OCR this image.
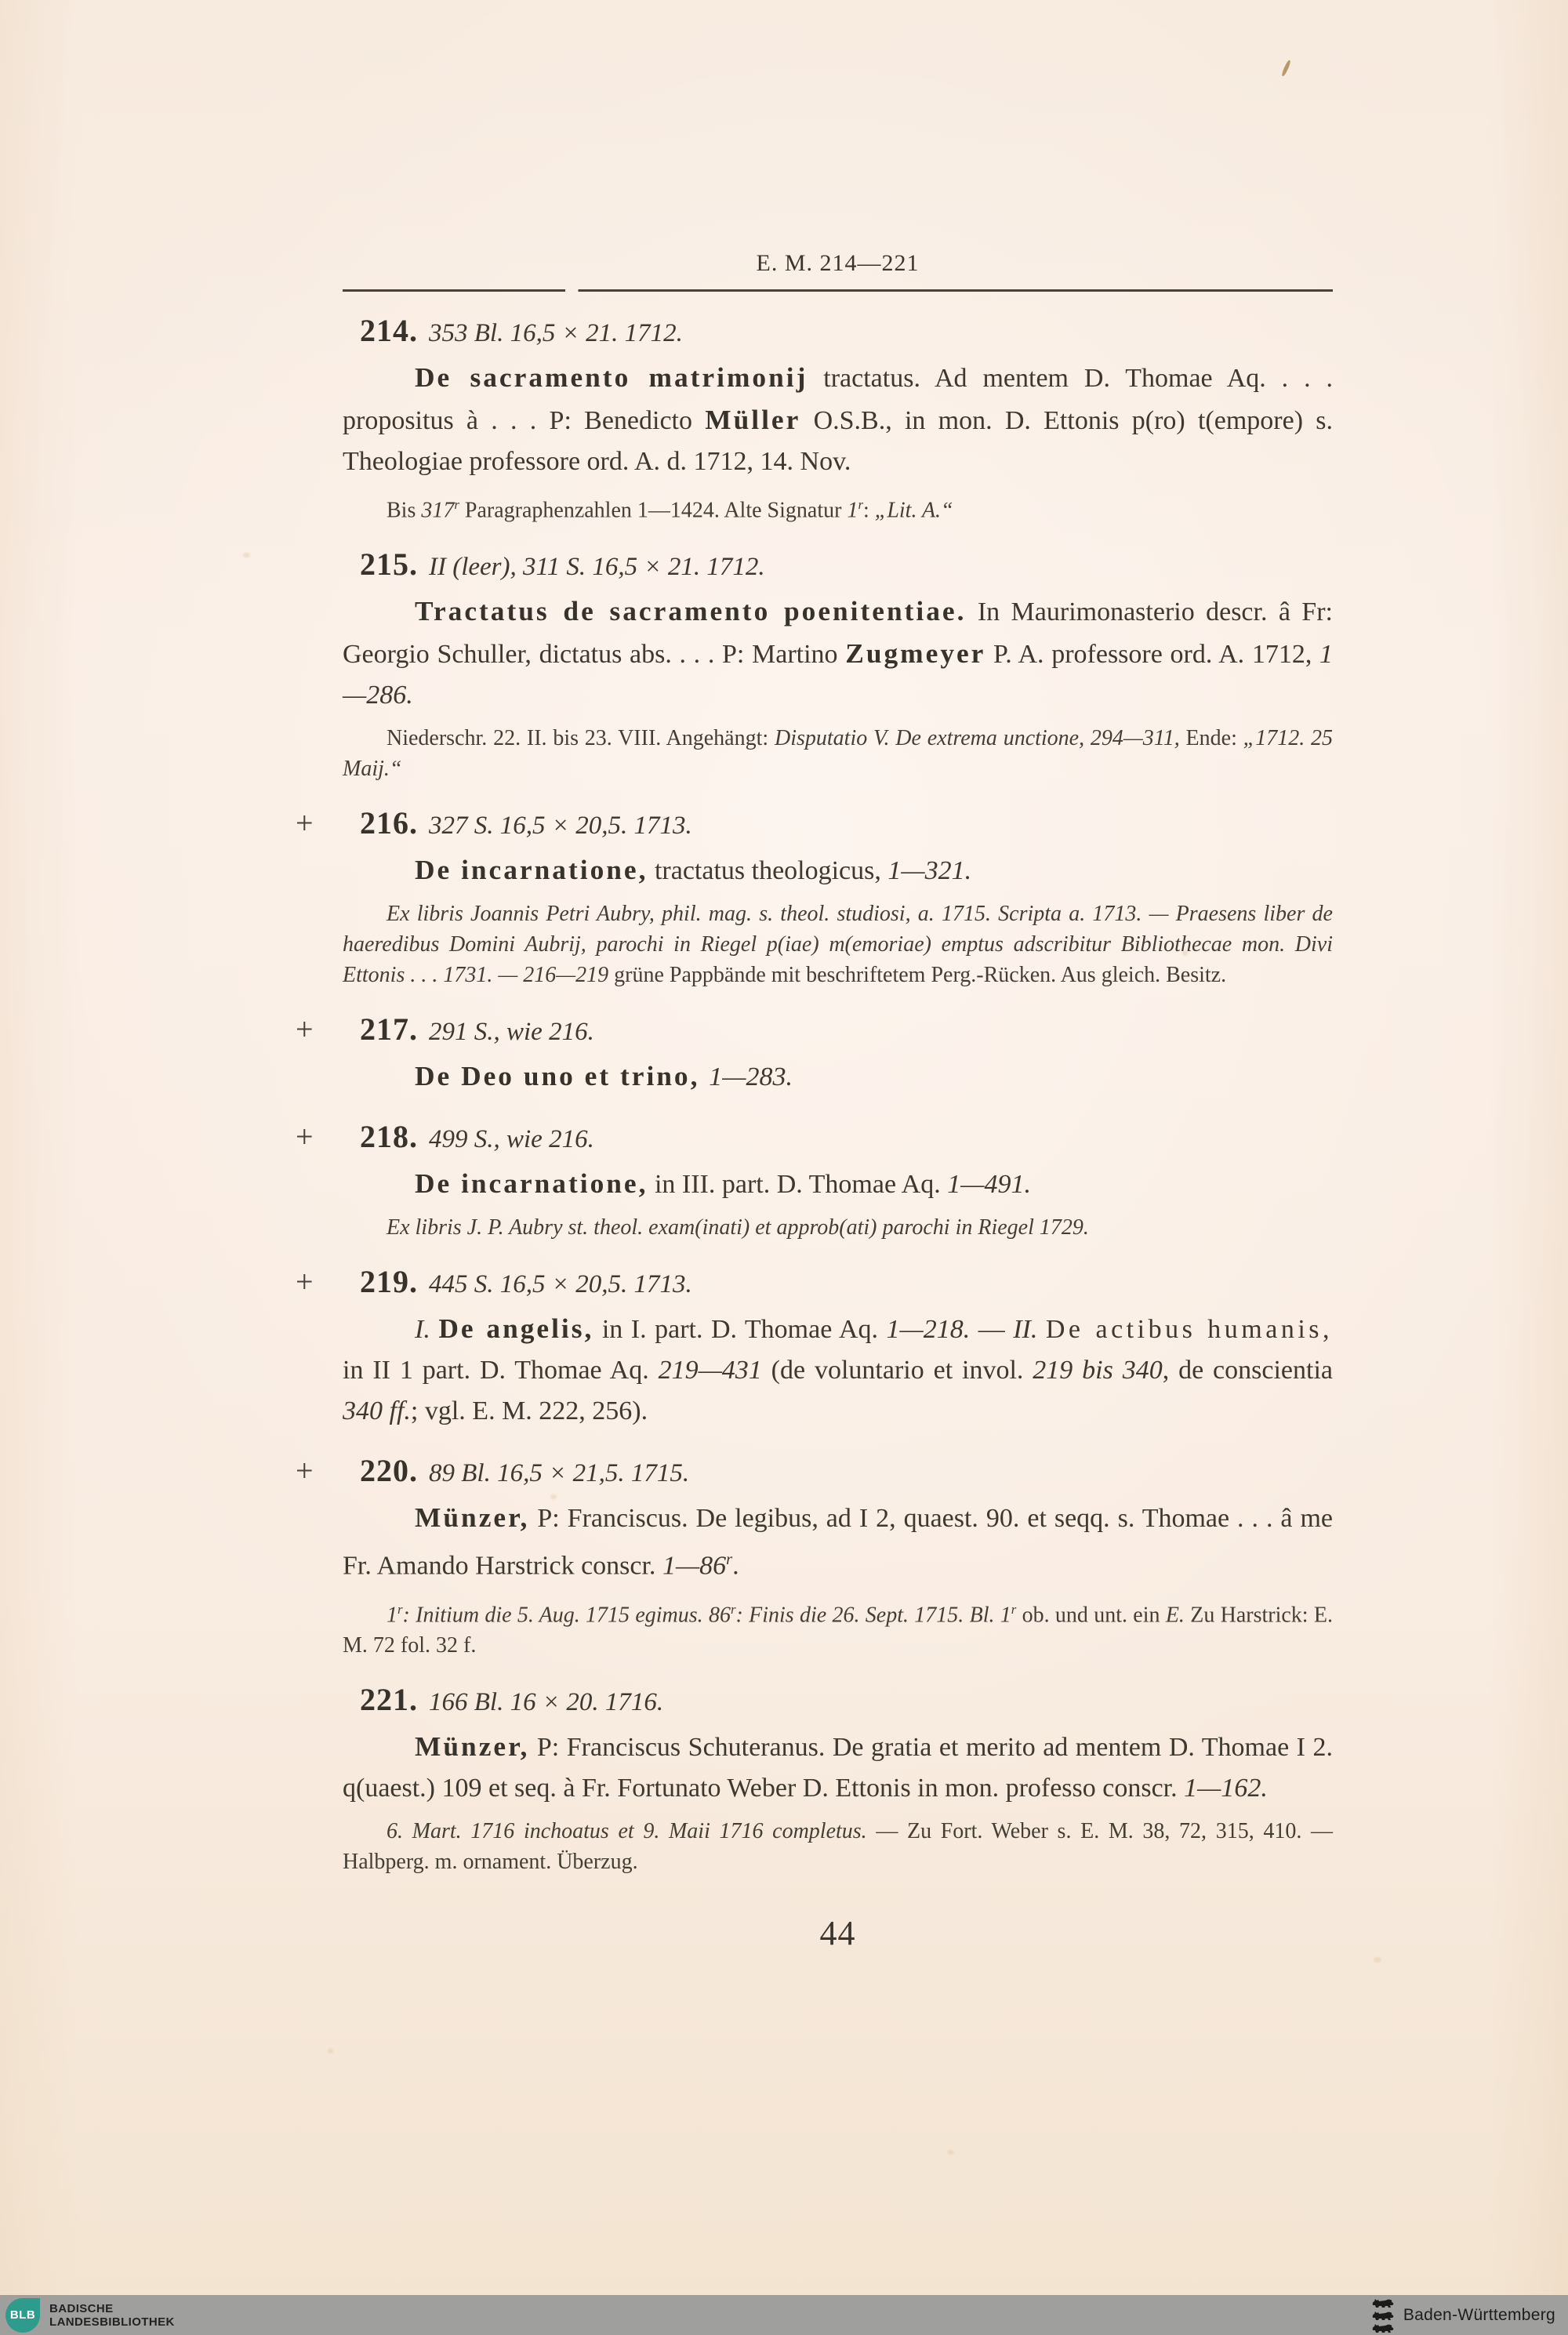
E. M. 214—221
214. 353 Bl. 16,5 × 21. 1712.

De sacramento matrimonij tractatus. Ad mentem D. Thomae Aq. . . . propositus à . . . P: Benedicto Müller O.S.B., in mon. D. Ettonis p(ro) t(empore) s. Theologiae professore ord. A. d. 1712, 14. Nov.

Bis 317$^r$ Paragraphenzahlen 1—1424. Alte Signatur 1$^r$: „Lit. A.“

215. II (leer), 311 S. 16,5 × 21. 1712.

Tractatus de sacramento poenitentiae. In Maurimonasterio descr. â Fr: Georgio Schuller, dictatus abs. . . . P: Martino Zugmeyer P. A. professore ord. A. 1712, 1—286.

Niederschr. 22. II. bis 23. VIII. Angehängt: Disputatio V. De extrema unctione, 294—311, Ende: „1712. 25 Maij.“

+	216. 327 S. 16,5 × 20,5. 1713.

De incarnatione, tractatus theologicus, 1—321.

Ex libris Joannis Petri Aubry, phil. mag. s. theol. studiosi, a. 1715. Scripta a. 1713. — Praesens liber de haeredibus Domini Aubrij, parochi in Riegel p(iae) m(emoriae) emptus adscribitur Bibliothecae mon. Divi Ettonis . . . 1731. — 216—219 grüne Pappbände mit beschriftetem Perg.-Rücken. Aus gleich. Besitz.

+	217. 291 S., wie 216.

De Deo uno et trino, 1—283.

+	218. 499 S., wie 216.

De incarnatione, in III. part. D. Thomae Aq. 1—491.

Ex libris J. P. Aubry st. theol. exam(inati) et approb(ati) parochi in Riegel 1729.

+	219. 445 S. 16,5 × 20,5. 1713.

I. De angelis, in I. part. D. Thomae Aq. 1—218. — II. De actibus humanis, in II 1 part. D. Thomae Aq. 219—431 (de voluntario et invol. 219 bis 340, de conscientia 340 ff.; vgl. E. M. 222, 256).

+	220. 89 Bl. 16,5 × 21,5. 1715.

Münzer, P: Franciscus. De legibus, ad I 2, quaest. 90. et seqq. s. Thomae . . . â me Fr. Amando Harstrick conscr. 1—86$^r$.

1$^r$: Initium die 5. Aug. 1715 egimus. 86$^r$: Finis die 26. Sept. 1715. Bl. 1$^r$ ob. und unt. ein E. Zu Harstrick: E. M. 72 fol. 32 f.

221. 166 Bl. 16 × 20. 1716.

Münzer, P: Franciscus Schuteranus. De gratia et merito ad mentem D. Thomae I 2. q(uaest.) 109 et seq. à Fr. Fortunato Weber D. Ettonis in mon. professo conscr. 1—162.

6. Mart. 1716 inchoatus et 9. Maii 1716 completus. — Zu Fort. Weber s. E. M. 38, 72, 315, 410. — Halbperg. m. ornament. Überzug.

44
BLB	BADISCHE
LANDESBIBLIOTHEK	Baden-Württemberg
